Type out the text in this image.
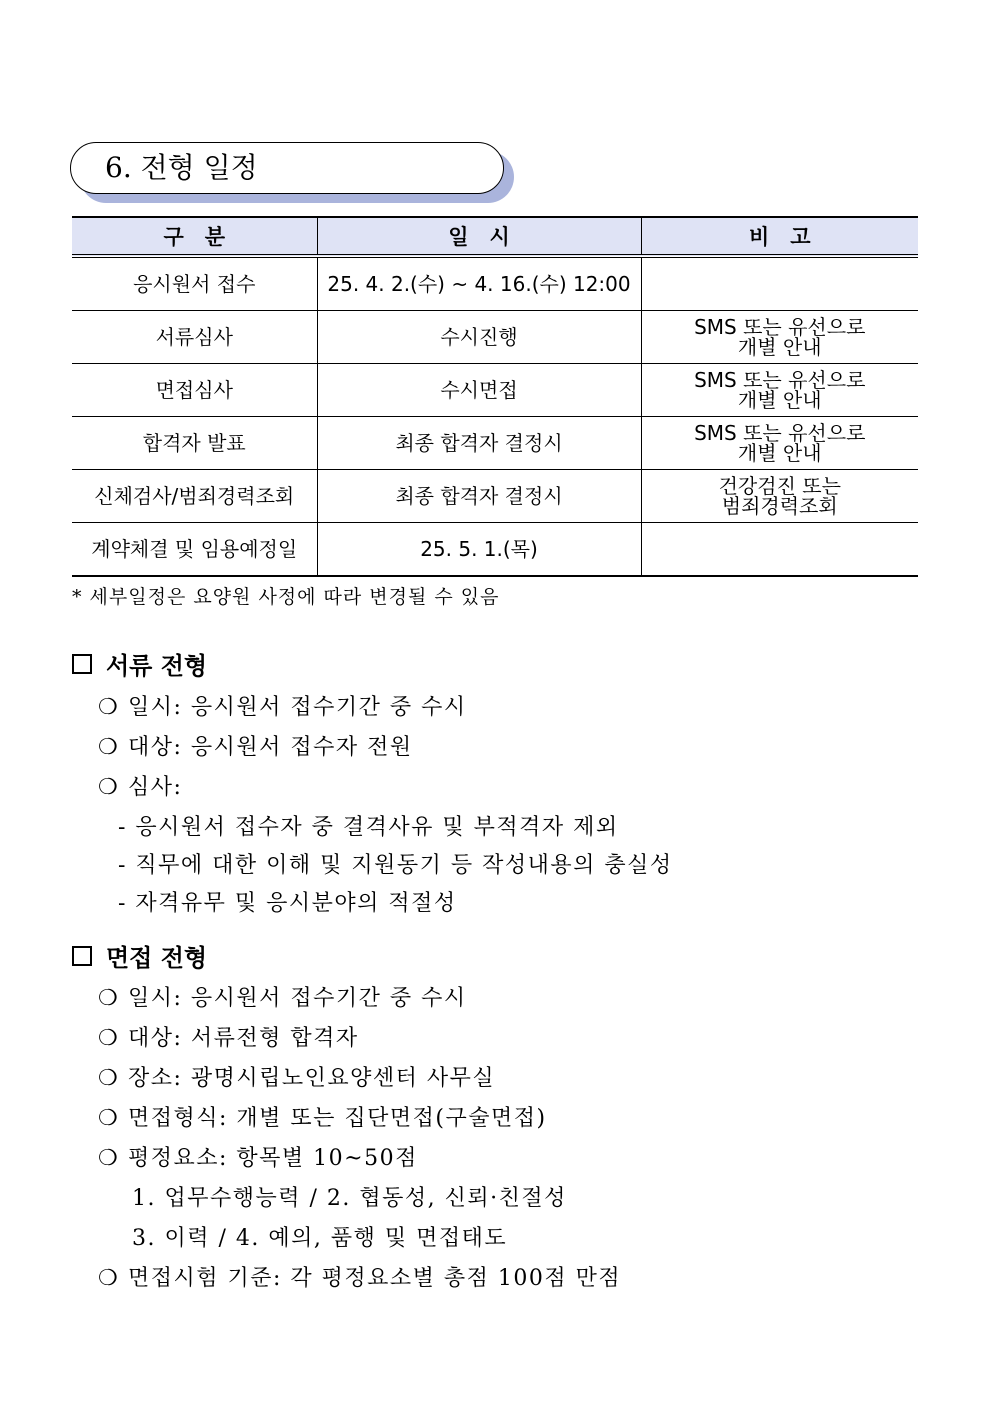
6. 전형 일정
구　분	일　시	비　고
응시원서 접수	25. 4. 2.(수) ~ 4. 16.(수) 12:00	

서류심사	수시진행	SMS 또는 유선으로
개별 안내

면접심사	수시면접	SMS 또는 유선으로
개별 안내

합격자 발표	최종 합격자 결정시	SMS 또는 유선으로
개별 안내

신체검사/범죄경력조회	최종 합격자 결정시	건강검진 또는
범죄경력조회

계약체결 및 임용예정일	25. 5. 1.(목)	
* 세부일정은 요양원 사정에 따라 변경될 수 있음
서류 전형
❍ 일시: 응시원서 접수기간 중 수시
❍ 대상: 응시원서 접수자 전원
❍ 심사:
- 응시원서 접수자 중 결격사유 및 부적격자 제외
- 직무에 대한 이해 및 지원동기 등 작성내용의 충실성
- 자격유무 및 응시분야의 적절성
면접 전형
❍ 일시: 응시원서 접수기간 중 수시
❍ 대상: 서류전형 합격자
❍ 장소: 광명시립노인요양센터 사무실
❍ 면접형식: 개별 또는 집단면접(구술면접)
❍ 평정요소: 항목별 10~50점
1. 업무수행능력 / 2. 협동성, 신뢰·친절성
3. 이력 / 4. 예의, 품행 및 면접태도
❍ 면접시험 기준: 각 평정요소별 총점 100점 만점
